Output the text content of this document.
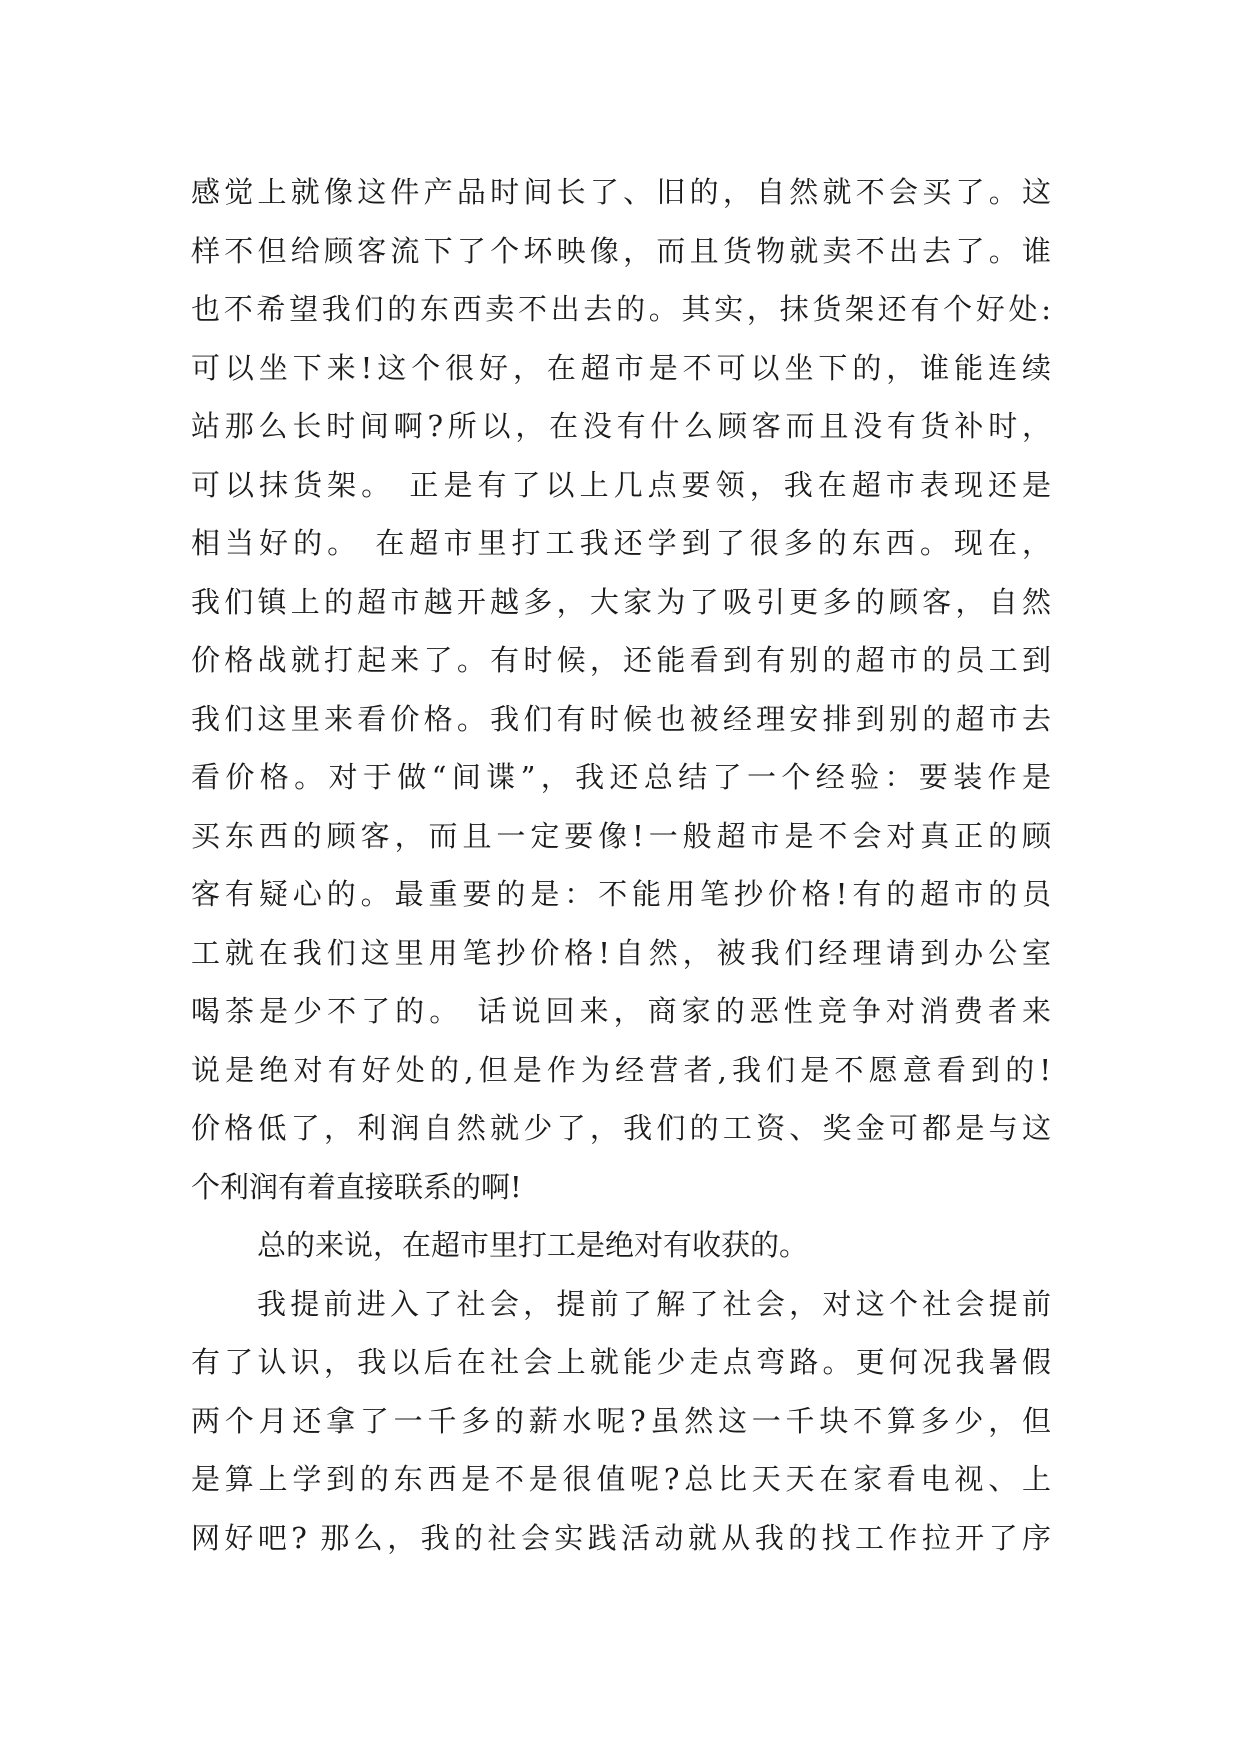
感觉上就像这件产品时间长了、旧的，自然就不会买了。这
样不但给顾客流下了个坏映像，而且货物就卖不出去了。谁
也不希望我们的东西卖不出去的。其实，抹货架还有个好处:
可以坐下来!这个很好，在超市是不可以坐下的，谁能连续
站那么长时间啊?所以，在没有什么顾客而且没有货补时，
可以抹货架。 正是有了以上几点要领，我在超市表现还是
相当好的。 在超市里打工我还学到了很多的东西。现在，
我们镇上的超市越开越多，大家为了吸引更多的顾客，自然
价格战就打起来了。有时候，还能看到有别的超市的员工到
我们这里来看价格。我们有时候也被经理安排到别的超市去
看价格。对于做“间谍”，我还总结了一个经验：要装作是
买东西的顾客，而且一定要像!一般超市是不会对真正的顾
客有疑心的。最重要的是：不能用笔抄价格!有的超市的员
工就在我们这里用笔抄价格!自然，被我们经理请到办公室
喝茶是少不了的。 话说回来，商家的恶性竞争对消费者来
说是绝对有好处的,但是作为经营者,我们是不愿意看到的!
价格低了，利润自然就少了，我们的工资、奖金可都是与这
个利润有着直接联系的啊!
总的来说，在超市里打工是绝对有收获的。
我提前进入了社会，提前了解了社会，对这个社会提前
有了认识，我以后在社会上就能少走点弯路。更何况我暑假
两个月还拿了一千多的薪水呢?虽然这一千块不算多少，但
是算上学到的东西是不是很值呢?总比天天在家看电视、上
网好吧? 那么，我的社会实践活动就从我的找工作拉开了序
